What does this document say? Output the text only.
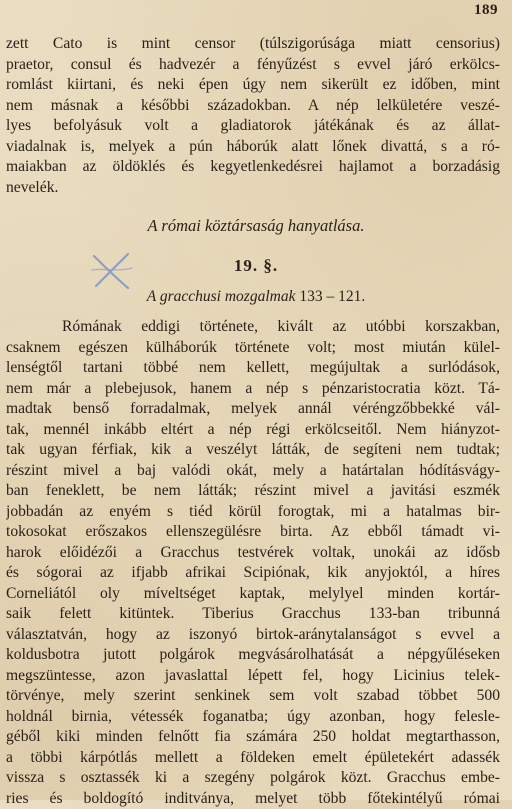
189
zett Cato is mint censor (túlszigorúsága miatt censorius)
praetor, consul és hadvezér a fényűzést s evvel járó erkölcs-
romlást kiirtani, és neki épen úgy nem sikerült ez időben, mint
nem másnak a későbbi századokban. A nép lelkületére veszé-
lyes befolyásuk volt a gladiatorok játékának és az állat-
viadalnak is, melyek a pún háborúk alatt lőnek divattá, s a ró-
maiakban az öldöklés és kegyetlenkedésrei hajlamot a borzadásig
nevelék.
A római köztársaság hanyatlása.
19. §.
A gracchusi mozgalmak 133 – 121.
Rómának eddigi története, kivált az utóbbi korszakban,
csaknem egészen külháborúk története volt; most miután külel-
lenségtől tartani többé nem kellett, megújultak a surlódások,
nem már a plebejusok, hanem a nép s pénzaristocratia közt. Tá-
madtak benső forradalmak, melyek annál véréngzőbbekké vál-
tak, mennél inkább eltért a nép régi erkölcseitől. Nem hiányzot-
tak ugyan férfiak, kik a veszélyt látták, de segíteni nem tudtak;
részint mivel a baj valódi okát, mely a határtalan hódításvágy-
ban feneklett, be nem látták; részint mivel a javitási eszmék
jobbadán az enyém s tiéd körül forogtak, mi a hatalmas bir-
tokosokat erőszakos ellenszegülésre birta. Az ebből támadt vi-
harok előidézői a Gracchus testvérek voltak, unokái az idősb
és sógorai az ifjabb afrikai Scipiónak, kik anyjoktól, a híres
Corneliától oly míveltséget kaptak, melylyel minden kortár-
saik felett kitüntek. Tiberius Gracchus 133-ban tribunná
választatván, hogy az iszonyó birtok-aránytalanságot s evvel a
koldusbotra jutott polgárok megvásárolhatását a népgyűléseken
megszüntesse, azon javaslattal lépett fel, hogy Licinius telek-
törvénye, mely szerint senkinek sem volt szabad többet 500
holdnál birnia, vétessék foganatba; úgy azonban, hogy felesle-
géből kiki minden felnőtt fia számára 250 holdat megtarthasson,
a többi kárpótlás mellett a földeken emelt épületekért adassék
vissza s osztassék ki a szegény polgárok közt. Gracchus embe-
ries és boldogító inditványa, melyet több főtekintélyű római
